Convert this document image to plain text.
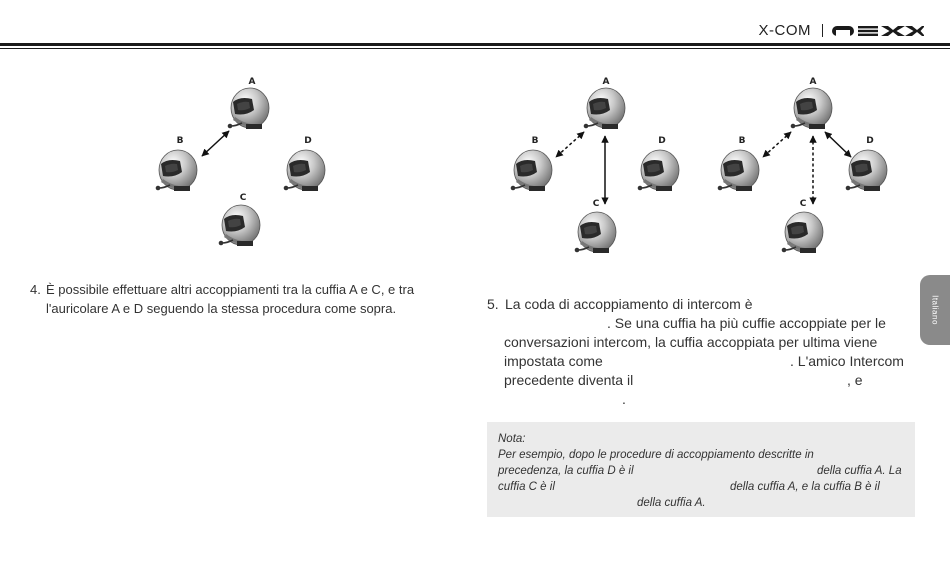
X-COM
A
B	D
C
A
B	D
C
A
B	D
C
4. È possibile effettuare altri accoppiamenti tra la cuffia A e C, e tra l'auricolare A e D seguendo la stessa procedura come sopra.	5. La coda di accoppiamento di intercom è
. Se una cuffia ha più cuffie accoppiate per le
conversazioni intercom, la cuffia accoppiata per ultima viene
impostata come	. L'amico Intercom
precedente diventa il	, e
.
Nota:
Per esempio, dopo le procedure di accoppiamento descritte in
precedenza, la cuffia D è il	della cuffia A. La
cuffia C è il	della cuffia A, e la cuffia B è il
della cuffia A.
Italiano
